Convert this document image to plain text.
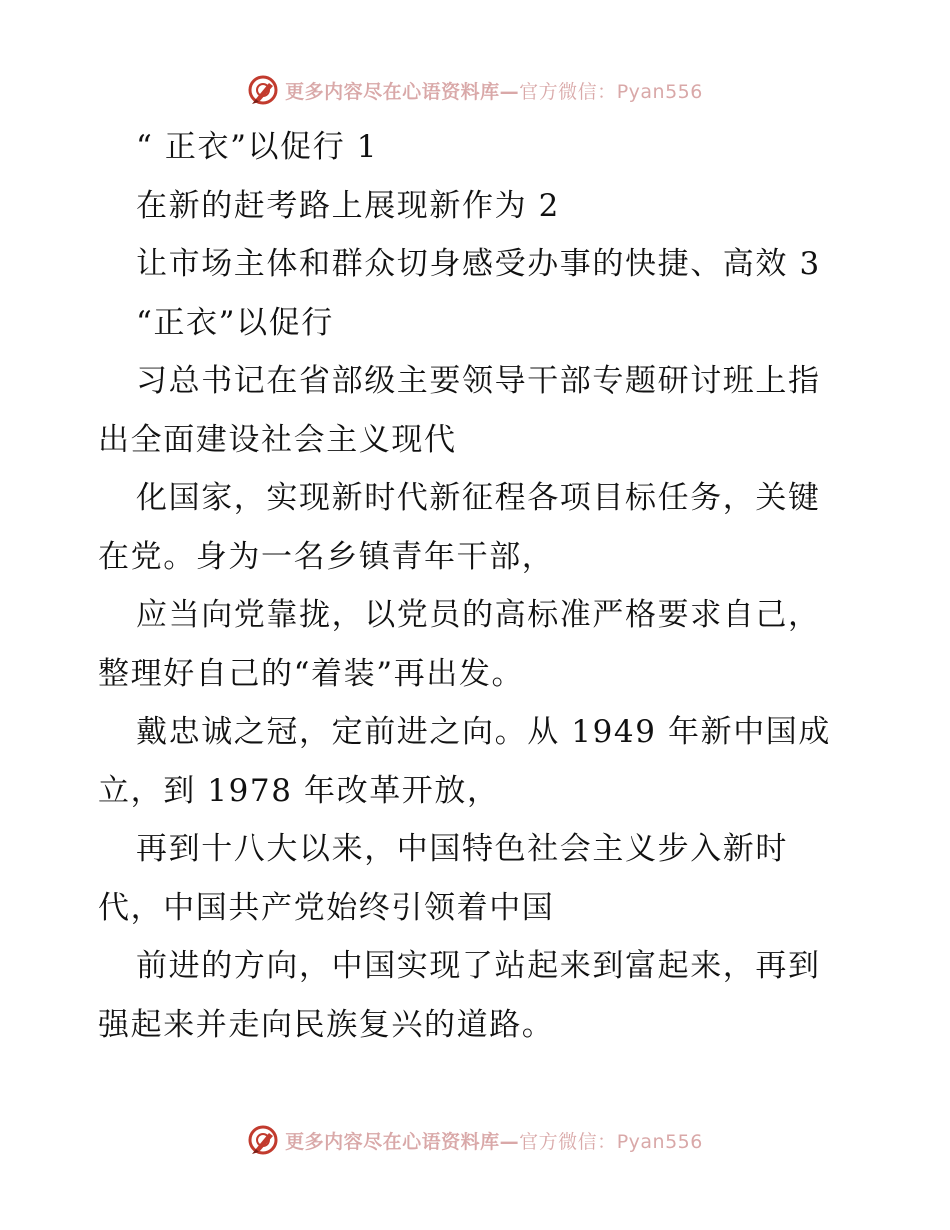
更多内容尽在心语资料库—官方微信：Pyan556
“ 正衣”以促行 1
在新的赶考路上展现新作为 2
让市场主体和群众切身感受办事的快捷、高效 3
“正衣”以促行
习总书记在省部级主要领导干部专题研讨班上指
出全面建设社会主义现代
化国家，实现新时代新征程各项目标任务，关键
在党。身为一名乡镇青年干部，
应当向党靠拢，以党员的高标准严格要求自己，
整理好自己的“着装”再出发。
戴忠诚之冠，定前进之向。从 1949 年新中国成
立，到 1978 年改革开放，
再到十八大以来，中国特色社会主义步入新时
代，中国共产党始终引领着中国
前进的方向，中国实现了站起来到富起来，再到
强起来并走向民族复兴的道路。
更多内容尽在心语资料库—官方微信：Pyan556
